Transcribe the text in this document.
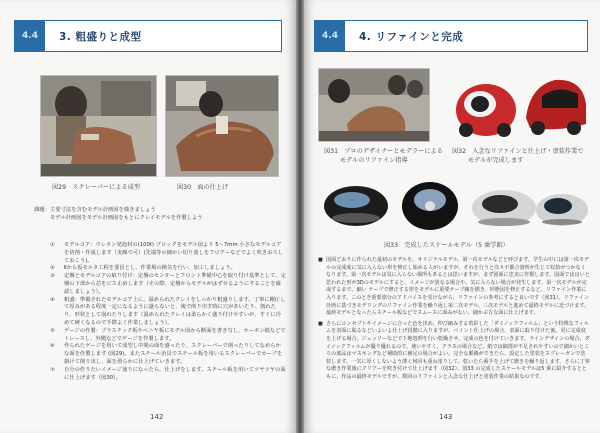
4.4	3. 粗盛りと成型
図29　スクレーパーによる成型	図30　面の仕上げ
課題： 主要寸法を含むモデル計画図を描きましょう
モデル計画図をモデル計画図をもとにクレイモデルを作製しよう
①	モデルコア：ウレタン発泡材の(100t) ブロックをモデル図より 5～7mm 小さなモデルコアを切削・作成します（実線で可）(先端等の細かい切り落しをフロアーなどでよく吹きおろしておこう)。
②	Ⅱから仮モルタ工程を要員とし、作業場の換気を行い、加工しましょう。
③	定盤とモデルコアの取り付け：定盤のセンターとフロント準備中心を取り付け基準として、定盤の下部から芯をビス止めします（その際、定盤からモデルがはずせるようにすることを確認しましょう）。
④	粗盛：準備されたモデルコア上に、温められたクレイをしっかり粗盛りします。丁寧に剛圧して厚みがある程度一定になるように盛らないと、後で削り出す時に穴があいたり、割れたり、形状として崩れたりします（温められたクレイは柔らかく盛り付けやすいが、すぐに冷めて硬くなるので手際よく作業しましょう）。
⑤	ゲージの作製：プラスチック板やベニヤ板にモデル図から断面を書き写し、カーボン紙などでトレースし、外側などでゲージを作製します。
⑥	作られたゲージを用いて成型し中間の面を盛ったり、スクレーパーで削ったりしてなめらかな面を作製します (図29)。またスチール治具でスチール板を用いるスクレーパーでカーブを掛けて削り出し、面を滑らかに仕上げていきます。
⑦	自分の作りたいイメージ通りになったら、仕上げをします。スチール板を用いてツヤツヤの面に仕上げます（図30）。
142
4.4	4. リファインと完成
図31　プロのデザイナーとモデラーによる
モデルのリファイン指導
図32　入念なリファインと仕上げ・塗装作業で
モデルが完成します
図33　完成したスケールモデル（5 乗学館）
■ 図面どおりに作られた最初のモデルを、オリジナルモデル、第一次モデルなどと呼びます。学生の中には第一次モデルの完成度に気に入らない形を修正し始める人がいますが、それを行うと次々不都合箇所が生じて収拾がつかなくなります。第一次モデルは気に入らない場所もあるとは思いますが、まず図面に忠実に作製します。図面では良いと思われた形が3Dのモデルにすると、イメージが異なる場合や、気に入らない場合が発生します。第一次モデルが完成するまで、細い テープで修正する形をモデルに重要テープ線を描き、形態図を修正するなど、リファイン作業に入ります。このとき重要部分のアドバイスを受けながら、リファインの参考にすると良いです（図31）。リファイン計画に基づきモデリングのリファイン作業を繰り返し第二次モデル、三次モデルと進めて最終モデルに近づけます。最終モデルとなったらスチール板などでスムースに面みがない、細かぶ方な面に仕上げます。
■ さらにコンセプトやイメージに合った色を決め、仲び縮みする着彩した「ダイノックフィルム」という特殊なフィルムを表面に貼るなどいよいよ仕上げ段階に入りますが、ペイント仕上げの場合、表面に取り付けた後、更に完成度を上げる場合、ジェッソーなどで下地処理を行い乾燥させ、完成の色を付けていきます。ラインデザインの場合、ダイノックフィルムが優り優れるので、使いやすく、クラスの場合など、紙では細部が不足されやすいので細かいところの部品はマスキングなど補助的に補足の場合がよい。完全な脈絡ができたら、設定した塗装をスプレーガンで塗装します。一気に厚くしないよう薄く何回も重ね塗りして、乾いたら番手を上げて磨きを繰り返します。さらに丁寧な磨き作業後にクリアーを吹き付けて仕上げます（図32）。図33 の完成したスケールモデルは5 乗に紹介するとともに、作品の最終モデルですが、数回のリファインと入念な仕上げと塗装作業の結果なのです。
143
